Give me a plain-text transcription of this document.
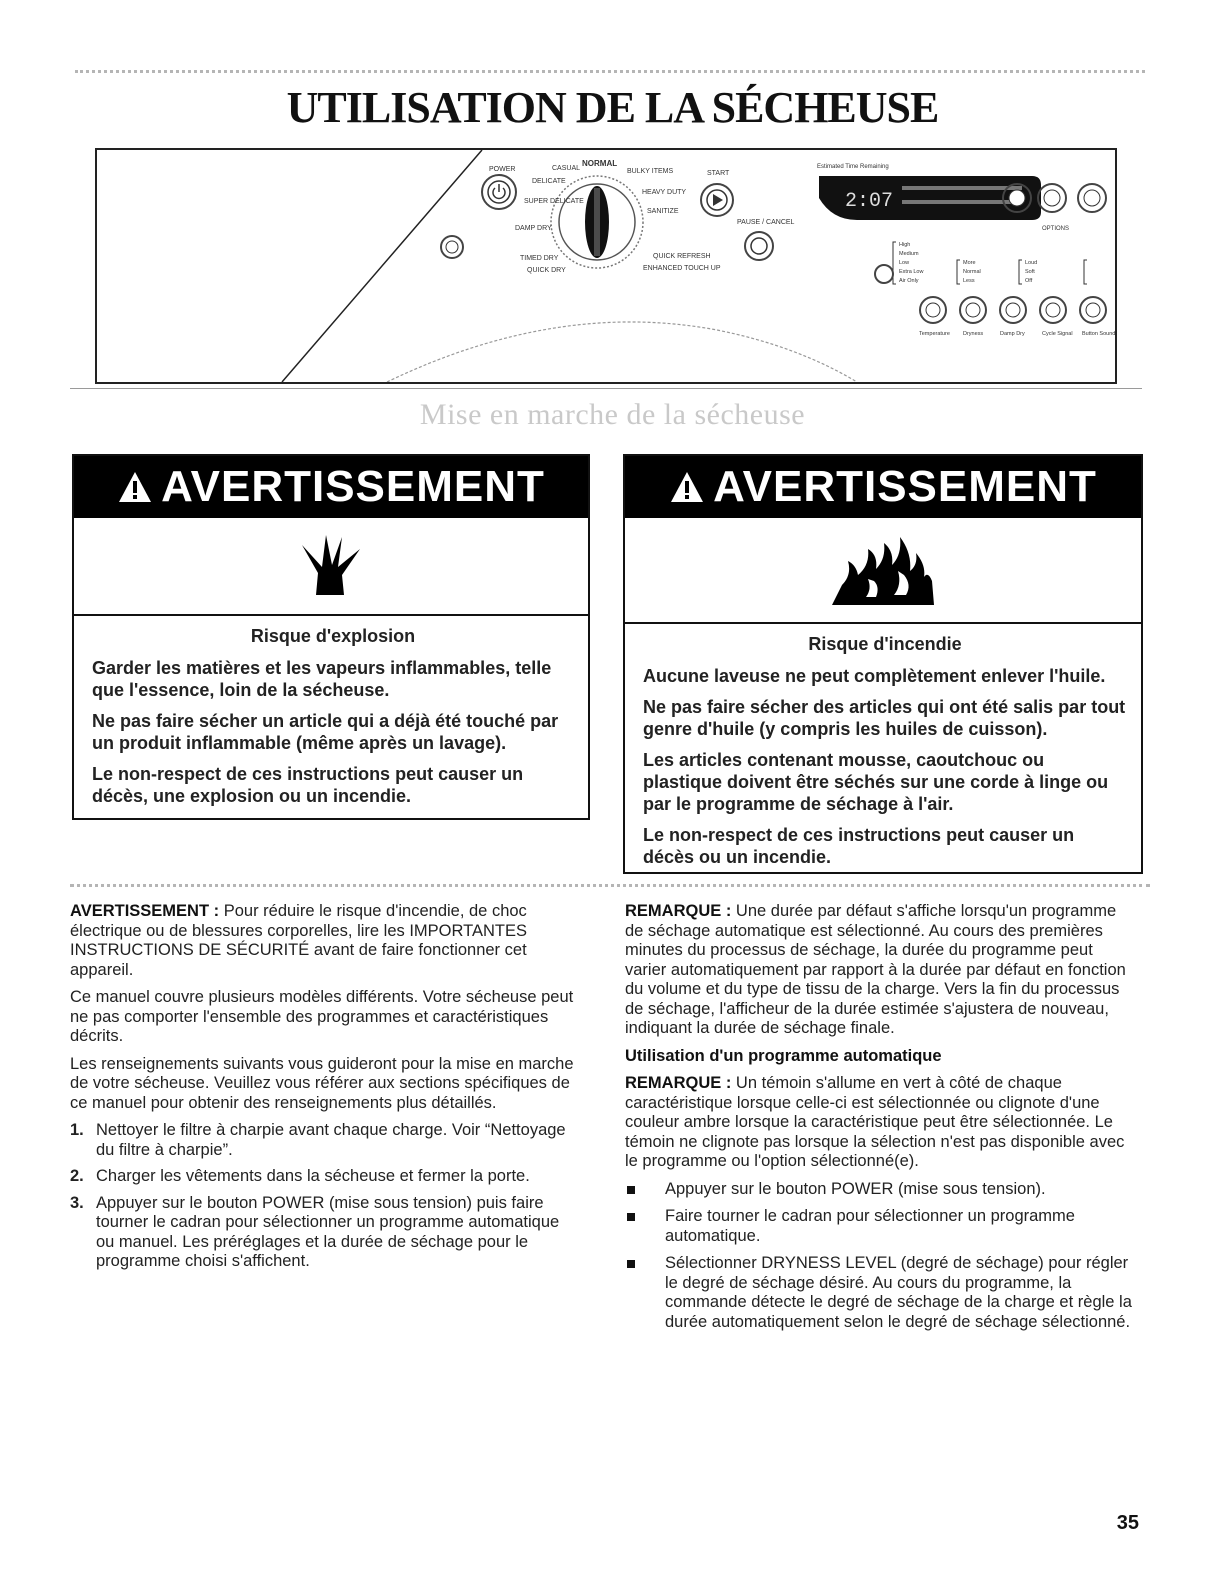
UTILISATION DE LA SÉCHEUSE
POWER	CASUAL
DELICATE
SUPER DELICATE
DAMP DRY
NORMAL
BULKY ITEMS
HEAVY DUTY
SANITIZE
TIMED DRY
QUICK DRY
QUICK REFRESH
ENHANCED TOUCH UP
START
PAUSE / CANCEL
Estimated Time Remaining
2:07
OPTIONS
High
Medium
Low
Extra Low
Air Only
More
Normal
Less
Loud
Soft
Off
Temperature Dryness	Damp Dry	Cycle Signal Button Sound
Mise en marche de la sécheuse
AVERTISSEMENT
Risque d'explosion

Garder les matières et les vapeurs inflammables, telle que l'essence, loin de la sécheuse.

Ne pas faire sécher un article qui a déjà été touché par un produit inflammable (même après un lavage).

Le non-respect de ces instructions peut causer un décès, une explosion ou un incendie.

AVERTISSEMENT
Risque d'incendie

Aucune laveuse ne peut complètement enlever l'huile.

Ne pas faire sécher des articles qui ont été salis par tout genre d'huile (y compris les huiles de cuisson).

Les articles contenant mousse, caoutchouc ou plastique doivent être séchés sur une corde à linge ou par le programme de séchage à l'air.

Le non-respect de ces instructions peut causer un décès ou un incendie.

AVERTISSEMENT : Pour réduire le risque d'incendie, de choc électrique ou de blessures corporelles, lire les IMPORTANTES INSTRUCTIONS DE SÉCURITÉ avant de faire fonctionner cet appareil.

Ce manuel couvre plusieurs modèles différents. Votre sécheuse peut ne pas comporter l'ensemble des programmes et caractéristiques décrits.

Les renseignements suivants vous guideront pour la mise en marche de votre sécheuse. Veuillez vous référer aux sections spécifiques de ce manuel pour obtenir des renseignements plus détaillés.

1. Nettoyer le filtre à charpie avant chaque charge. Voir “Nettoyage du filtre à charpie”.
2. Charger les vêtements dans la sécheuse et fermer la porte.
3. Appuyer sur le bouton POWER (mise sous tension) puis faire tourner le cadran pour sélectionner un programme automatique ou manuel. Les préréglages et la durée de séchage pour le programme choisi s'affichent.

REMARQUE : Une durée par défaut s'affiche lorsqu'un programme de séchage automatique est sélectionné. Au cours des premières minutes du processus de séchage, la durée du programme peut varier automatiquement par rapport à la durée par défaut en fonction du volume et du type de tissu de la charge. Vers la fin du processus de séchage, l'afficheur de la durée estimée s'ajustera de nouveau, indiquant la durée de séchage finale.

Utilisation d'un programme automatique

REMARQUE : Un témoin s'allume en vert à côté de chaque caractéristique lorsque celle-ci est sélectionnée ou clignote d'une couleur ambre lorsque la caractéristique peut être sélectionnée. Le témoin ne clignote pas lorsque la sélection n'est pas disponible avec le programme ou l'option sélectionné(e).

Appuyer sur le bouton POWER (mise sous tension).
Faire tourner le cadran pour sélectionner un programme automatique.
Sélectionner DRYNESS LEVEL (degré de séchage) pour régler le degré de séchage désiré. Au cours du programme, la commande détecte le degré de séchage de la charge et règle la durée automatiquement selon le degré de séchage sélectionné.
35
